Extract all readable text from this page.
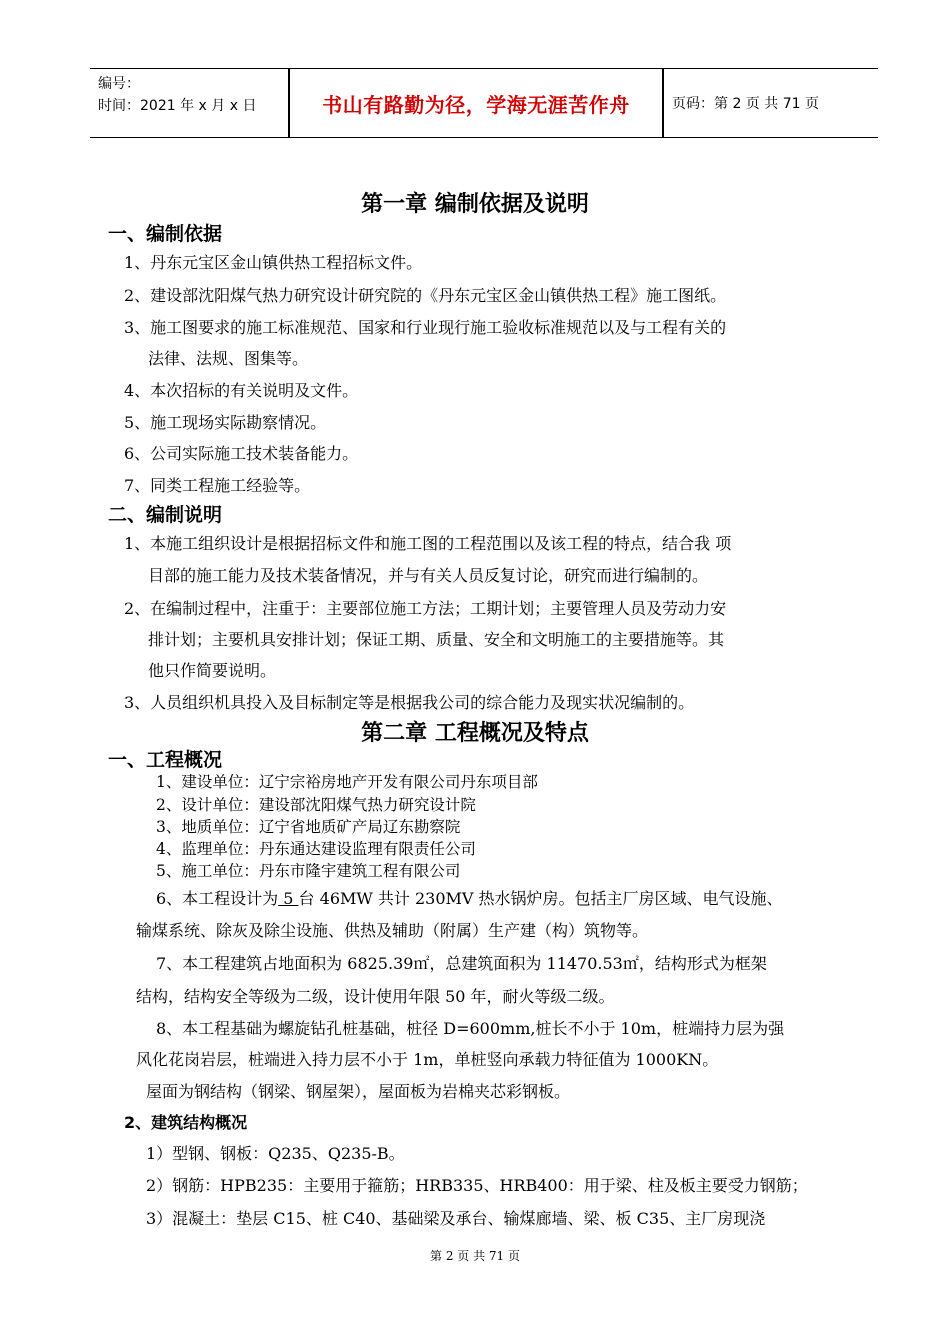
编号：
时间：2021 年 x 月 x 日	书山有路勤为径，学海无涯苦作舟	页码：第 2 页 共 71 页
第一章 编制依据及说明
一、编制依据
1、丹东元宝区金山镇供热工程招标文件。
2、建设部沈阳煤气热力研究设计研究院的《丹东元宝区金山镇供热工程》施工图纸。
3、施工图要求的施工标准规范、国家和行业现行施工验收标准规范以及与工程有关的
法律、法规、图集等。
4、本次招标的有关说明及文件。
5、施工现场实际勘察情况。
6、公司实际施工技术装备能力。
7、同类工程施工经验等。
二、编制说明
1、本施工组织设计是根据招标文件和施工图的工程范围以及该工程的特点，结合我 项
目部的施工能力及技术装备情况，并与有关人员反复讨论，研究而进行编制的。
2、在编制过程中，注重于：主要部位施工方法；工期计划；主要管理人员及劳动力安
排计划；主要机具安排计划；保证工期、质量、安全和文明施工的主要措施等。其
他只作简要说明。
3、人员组织机具投入及目标制定等是根据我公司的综合能力及现实状况编制的。
第二章 工程概况及特点
一、工程概况
1、建设单位：辽宁宗裕房地产开发有限公司丹东项目部
2、设计单位：建设部沈阳煤气热力研究设计院
3、地质单位：辽宁省地质矿产局辽东勘察院
4、监理单位：丹东通达建设监理有限责任公司
5、施工单位：丹东市隆宇建筑工程有限公司
6、本工程设计为 5 台 46MW 共计 230MV 热水锅炉房。包括主厂房区域、电气设施、
输煤系统、除灰及除尘设施、供热及辅助（附属）生产建（构）筑物等。
7、本工程建筑占地面积为 6825.39㎡，总建筑面积为 11470.53㎡，结构形式为框架
结构，结构安全等级为二级，设计使用年限 50 年，耐火等级二级。
8、本工程基础为螺旋钻孔桩基础，桩径 D=600mm,桩长不小于 10m，桩端持力层为强
风化花岗岩层，桩端进入持力层不小于 1m，单桩竖向承载力特征值为 1000KN。
屋面为钢结构（钢梁、钢屋架），屋面板为岩棉夹芯彩钢板。
2、建筑结构概况
1）型钢、钢板：Q235、Q235-B。
2）钢筋：HPB235：主要用于箍筋；HRB335、HRB400：用于梁、柱及板主要受力钢筋；
3）混凝土：垫层 C15、桩 C40、基础梁及承台、输煤廊墙、梁、板 C35、主厂房现浇
第 2 页 共 71 页
